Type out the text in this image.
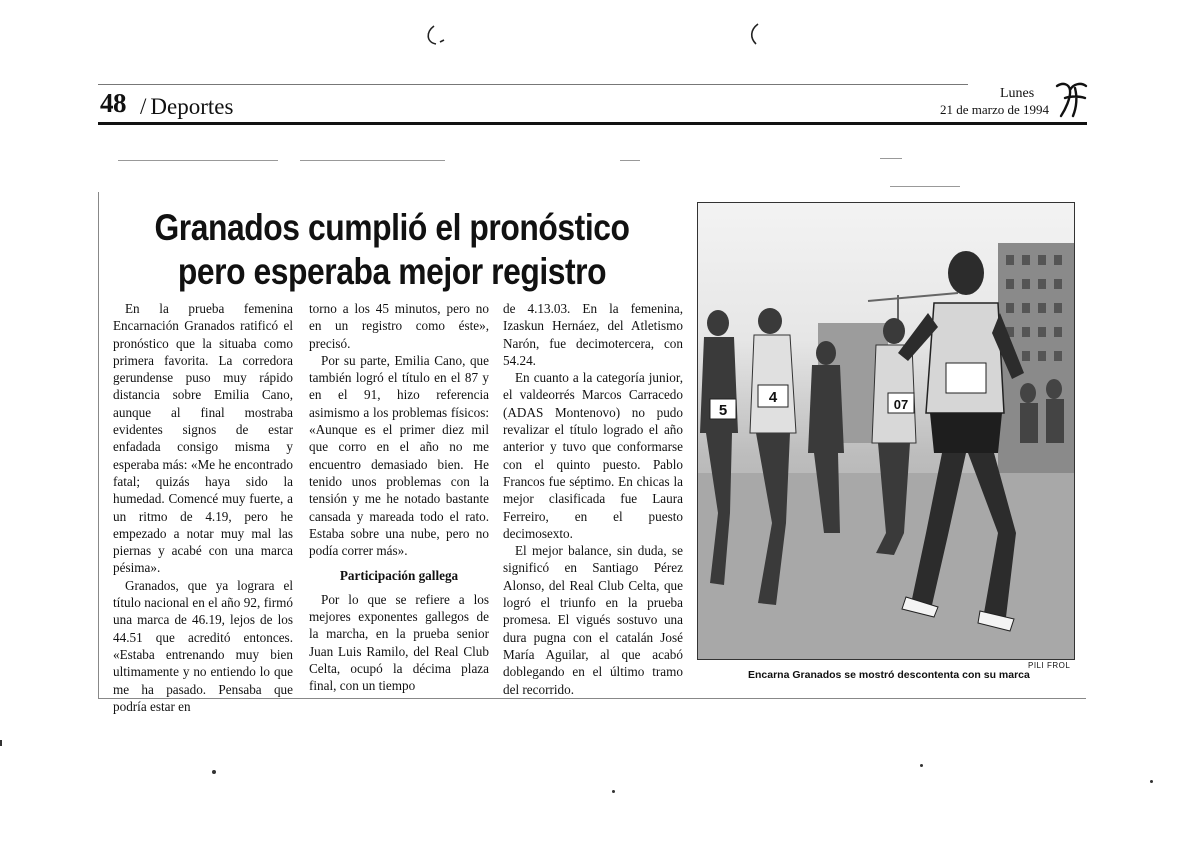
48 / Deportes
Lunes
21 de marzo de 1994
Granados cumplió el pronóstico
pero esperaba mejor registro

En la prueba femenina Encarnación Granados ratificó el pronóstico que la situaba como primera favorita. La corredora gerundense puso muy rápido distancia sobre Emilia Cano, aunque al final mostraba evidentes signos de estar enfadada consigo misma y esperaba más: «Me he encontrado fatal; quizás haya sido la humedad. Comencé muy fuerte, a un ritmo de 4.19, pero he empezado a notar muy mal las piernas y acabé con una marca pésima».

Granados, que ya lograra el título nacional en el año 92, firmó una marca de 46.19, lejos de los 44.51 que acreditó entonces. «Estaba entrenando muy bien ultimamente y no entiendo lo que me ha pasado. Pensaba que podría estar en

torno a los 45 minutos, pero no en un registro como éste», precisó.

Por su parte, Emilia Cano, que también logró el título en el 87 y en el 91, hizo referencia asimismo a los problemas físicos: «Aunque es el primer diez mil que corro en el año no me encuentro demasiado bien. He tenido unos problemas con la tensión y me he notado bastante cansada y mareada todo el rato. Estaba sobre una nube, pero no podía correr más».

Participación gallega

Por lo que se refiere a los mejores exponentes gallegos de la marcha, en la prueba senior Juan Luis Ramilo, del Real Club Celta, ocupó la décima plaza final, con un tiempo

de 4.13.03. En la femenina, Izaskun Hernáez, del Atletismo Narón, fue decimotercera, con 54.24.

En cuanto a la categoría junior, el valdeorrés Marcos Carracedo (ADAS Montenovo) no pudo revalizar el título logrado el año anterior y tuvo que conformarse con el quinto puesto. Pablo Francos fue séptimo. En chicas la mejor clasificada fue Laura Ferreiro, en el puesto decimosexto.

El mejor balance, sin duda, se significó en Santiago Pérez Alonso, del Real Club Celta, que logró el triunfo en la prueba promesa. El vigués sostuvo una dura pugna con el catalán José María Aguilar, al que acabó doblegando en el último tramo del recorrido.

5
4	07
PILI FROL
Encarna Granados se mostró descontenta con su marca
